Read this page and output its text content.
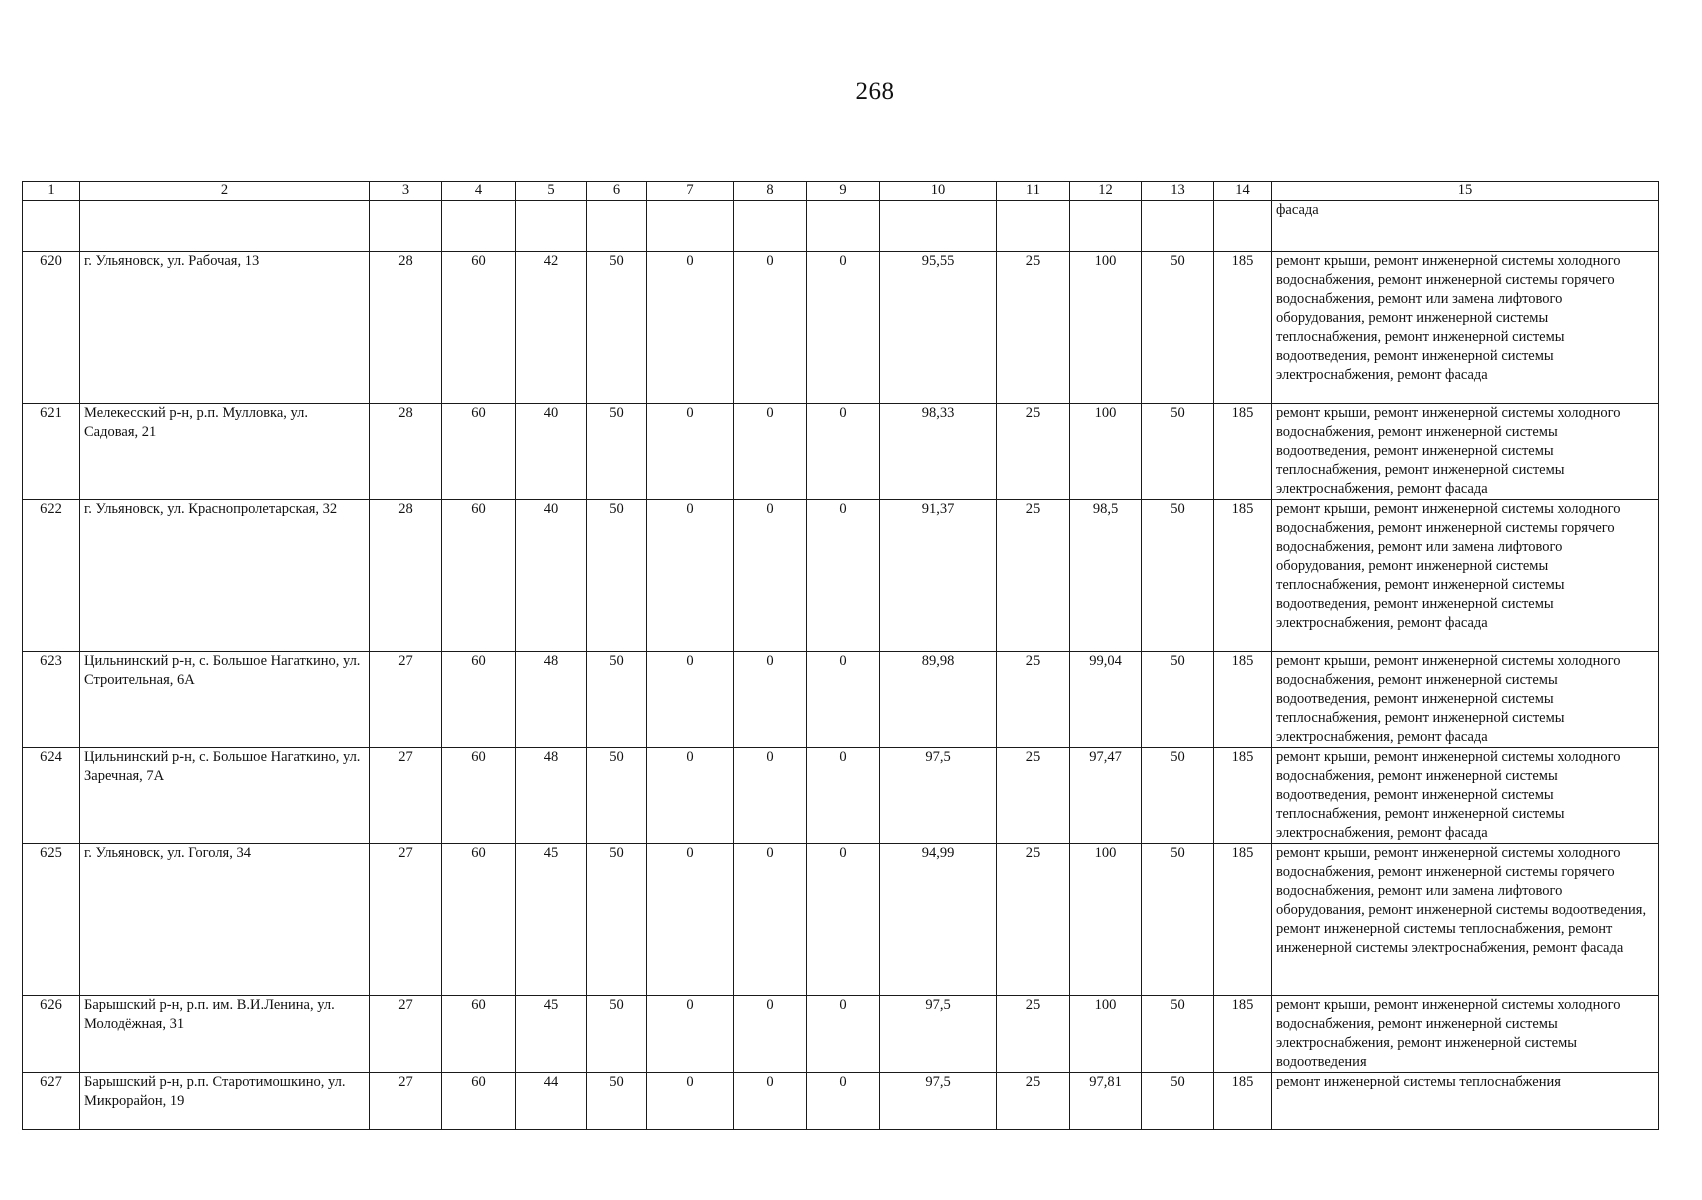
268
1	2	3	4	5	6	7	8	9	10	11	12	13	14	15
														фасада
620	г. Ульяновск, ул. Рабочая, 13	28	60	42	50	0	0	0	95,55	25	100	50	185	ремонт крыши, ремонт инженерной системы холодного водоснабжения, ремонт инженерной системы горячего водоснабжения, ремонт или замена лифтового оборудования, ремонт инженерной системы теплоснабжения, ремонт инженерной системы водоотведения, ремонт инженерной системы электроснабжения, ремонт фасада
621	Мелекесский р-н, р.п. Мулловка, ул. Садовая, 21	28	60	40	50	0	0	0	98,33	25	100	50	185	ремонт крыши, ремонт инженерной системы холодного водоснабжения, ремонт инженерной системы водоотведения, ремонт инженерной системы теплоснабжения, ремонт инженерной системы электроснабжения, ремонт фасада
622	г. Ульяновск, ул. Краснопролетарская, 32	28	60	40	50	0	0	0	91,37	25	98,5	50	185	ремонт крыши, ремонт инженерной системы холодного водоснабжения, ремонт инженерной системы горячего водоснабжения, ремонт или замена лифтового оборудования, ремонт инженерной системы теплоснабжения, ремонт инженерной системы водоотведения, ремонт инженерной системы электроснабжения, ремонт фасада
623	Цильнинский р-н, с. Большое Нагаткино, ул. Строительная, 6А	27	60	48	50	0	0	0	89,98	25	99,04	50	185	ремонт крыши, ремонт инженерной системы холодного водоснабжения, ремонт инженерной системы водоотведения, ремонт инженерной системы теплоснабжения, ремонт инженерной системы электроснабжения, ремонт фасада
624	Цильнинский р-н, с. Большое Нагаткино, ул. Заречная, 7А	27	60	48	50	0	0	0	97,5	25	97,47	50	185	ремонт крыши, ремонт инженерной системы холодного водоснабжения, ремонт инженерной системы водоотведения, ремонт инженерной системы теплоснабжения, ремонт инженерной системы электроснабжения, ремонт фасада
625	г. Ульяновск, ул. Гоголя, 34	27	60	45	50	0	0	0	94,99	25	100	50	185	ремонт крыши, ремонт инженерной системы холодного водоснабжения, ремонт инженерной системы горячего водоснабжения, ремонт или замена лифтового оборудования, ремонт инженерной системы водоотведения, ремонт инженерной системы теплоснабжения, ремонт инженерной системы электроснабжения, ремонт фасада
626	Барышский р-н, р.п. им. В.И.Ленина, ул. Молодёжная, 31	27	60	45	50	0	0	0	97,5	25	100	50	185	ремонт крыши, ремонт инженерной системы холодного водоснабжения, ремонт инженерной системы электроснабжения, ремонт инженерной системы водоотведения
627	Барышский р-н, р.п. Старотимошкино, ул. Микрорайон, 19	27	60	44	50	0	0	0	97,5	25	97,81	50	185	ремонт инженерной системы теплоснабжения
